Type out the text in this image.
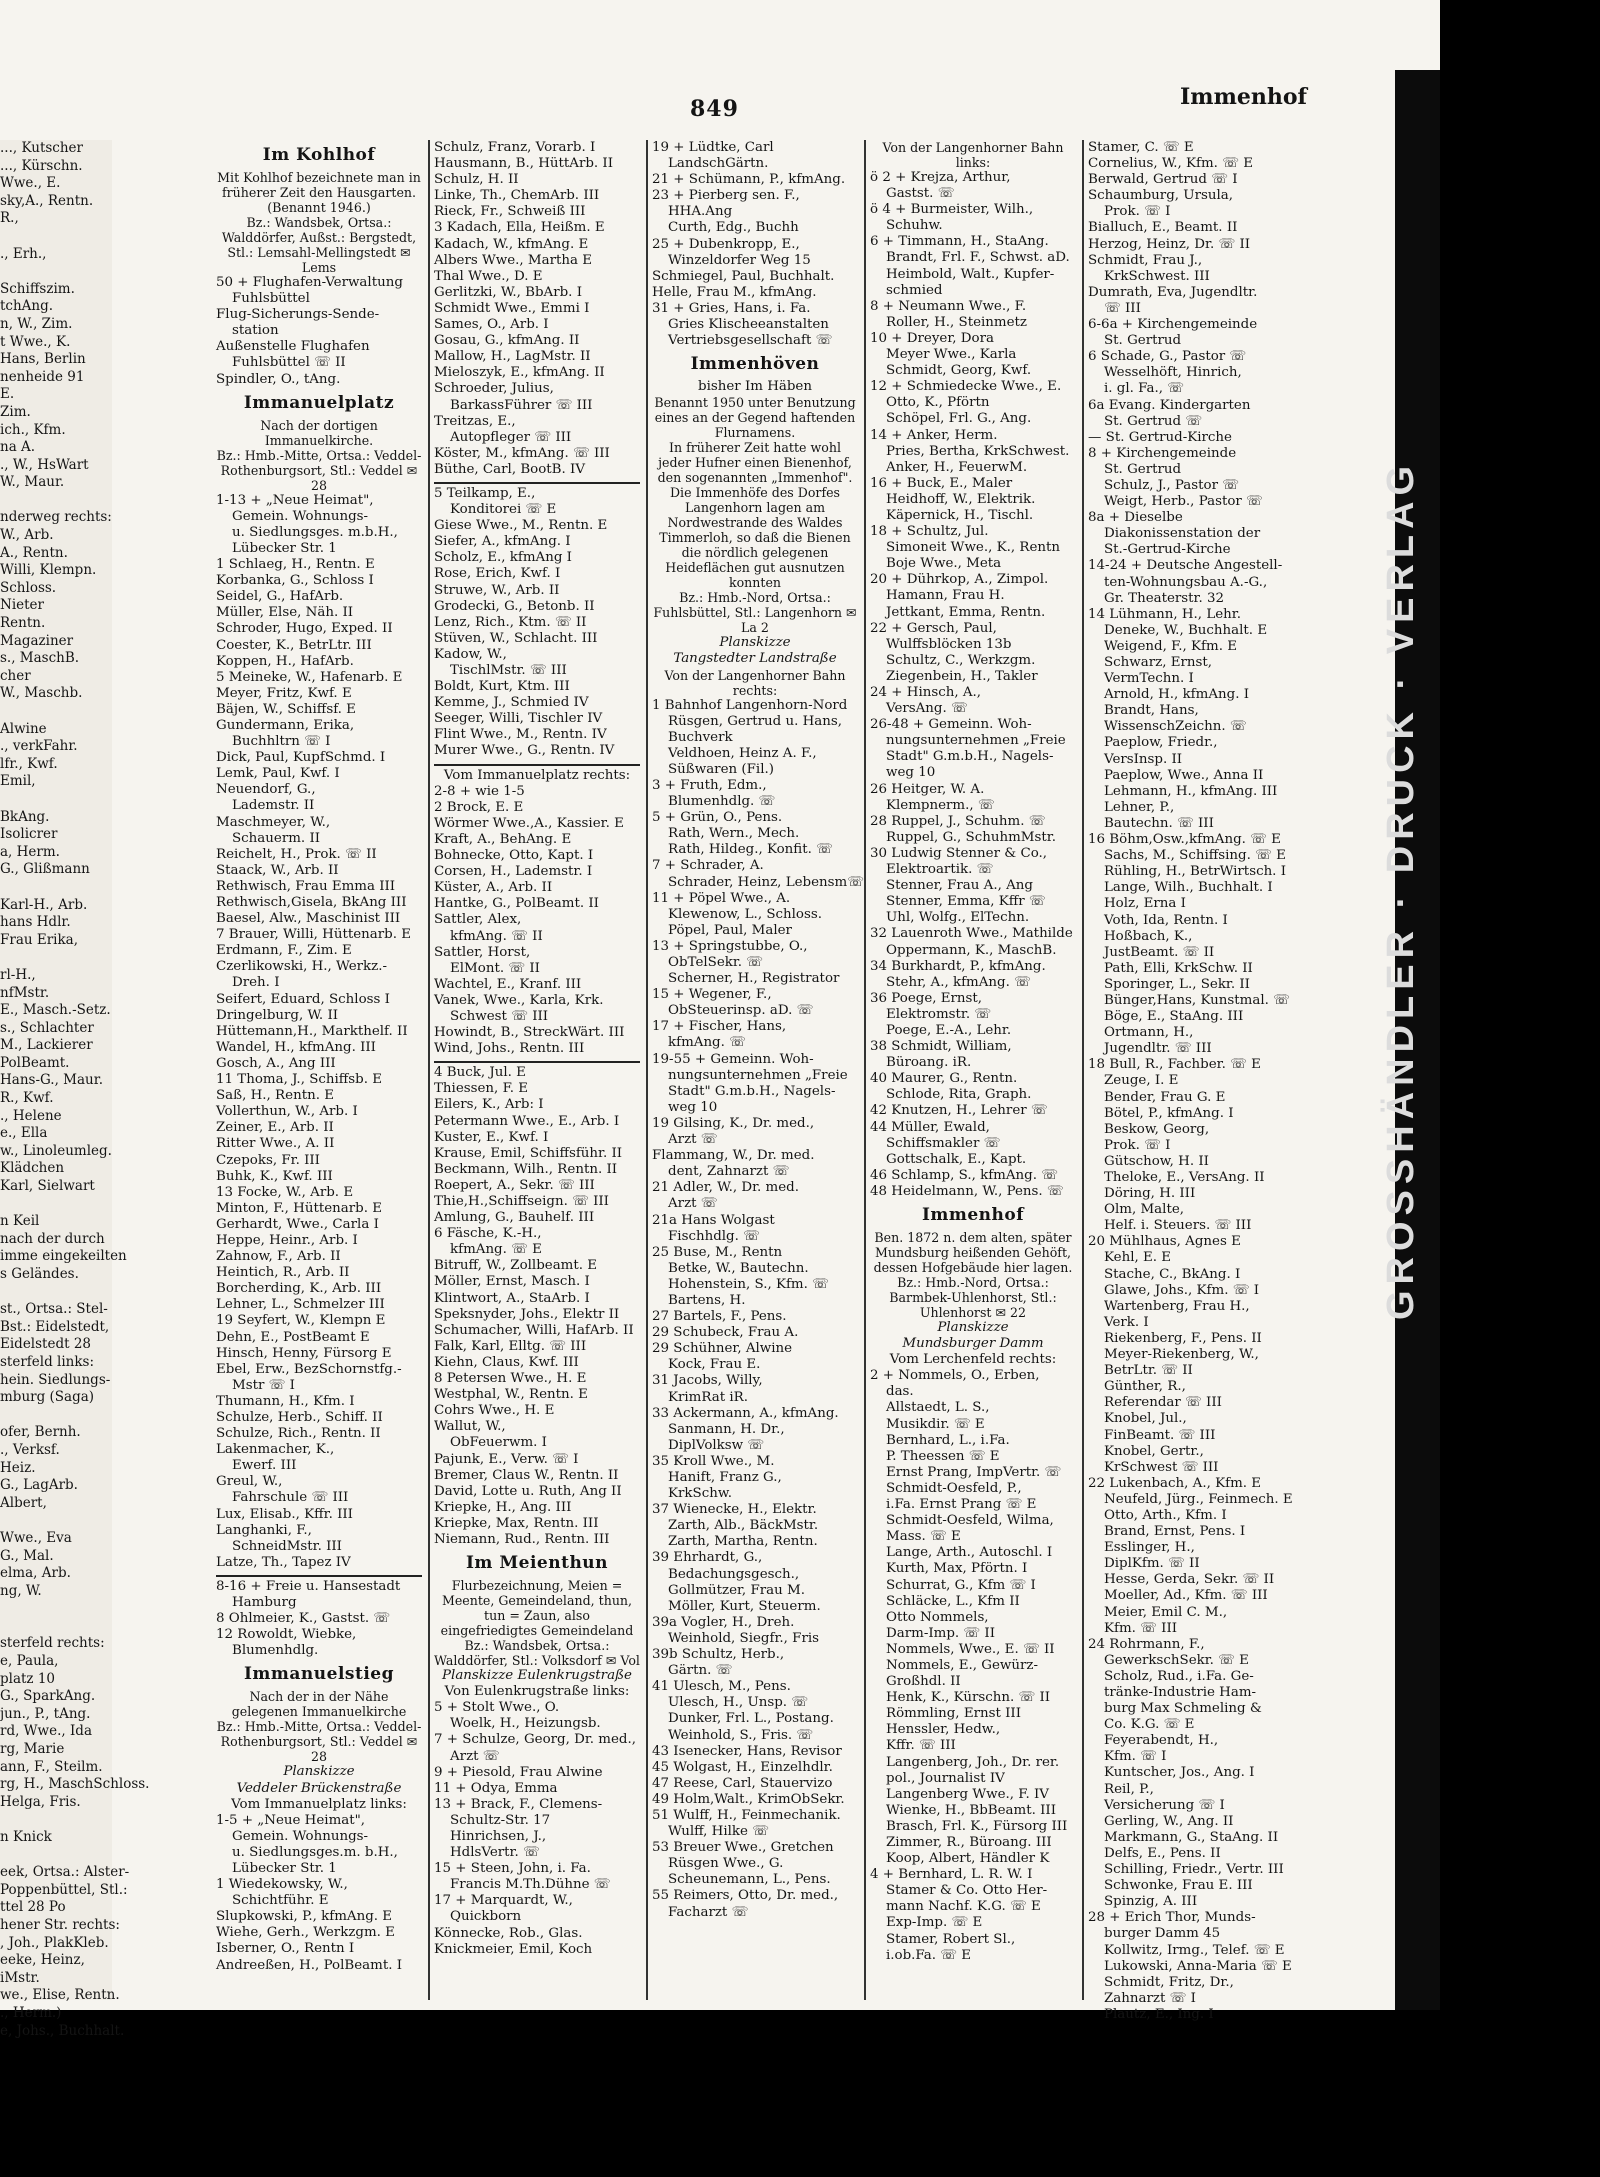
..., Kutscher
..., Kürschn.
Wwe., E.
sky,A., Rentn.
R.,
., Erh.,
Schiffszim.
tchAng.
n, W., Zim.
t Wwe., K.
Hans, Berlin
nenheide 91
E.
Zim.
ich., Kfm.
na A.
., W., HsWart
W., Maur.
nderweg rechts:
W., Arb.
A., Rentn.
Willi, Klempn.
Schloss.
Nieter
Rentn.
Magaziner
s., MaschB.
cher
W., Maschb.
Alwine
., verkFahr.
lfr., Kwf.
Emil,
BkAng.
Isolicrer
a, Herm.
G., Glißmann
Karl-H., Arb.
hans Hdlr.
Frau Erika,
rl-H.,
nfMstr.
E., Masch.-Setz.
s., Schlachter
M., Lackierer
PolBeamt.
Hans-G., Maur.
R., Kwf.
., Helene
e., Ella
w., Linoleumleg.
Klädchen
Karl, Sielwart
n Keil
nach der durch
imme eingekeilten
s Geländes.
st., Ortsa.: Stel-
Bst.: Eidelstedt,
Eidelstedt 28
sterfeld links:
hein. Siedlungs-
mburg (Saga)
ofer, Bernh.
., Verksf.
Heiz.
G., LagArb.
Albert,
Wwe., Eva
G., Mal.
elma, Arb.
ng, W.
sterfeld rechts:
e, Paula,
platz 10
G., SparkAng.
jun., P., tAng.
rd, Wwe., Ida
rg, Marie
ann, F., Steilm.
rg, H., MaschSchloss.
Helga, Fris.
n Knick
eek, Ortsa.: Alster-
Poppenbüttel, Stl.:
ttel 28 Po
hener Str. rechts:
, Joh., PlakKleb.
eeke, Heinz,
iMstr.
we., Elise, Rentn.
., Herm.)
e, Johs., Buchhalt.
849	Immenhof
Im Kohlhof
Mit Kohlhof bezeichnete man in früherer Zeit den Hausgarten. (Benannt 1946.)
Bz.: Wandsbek, Ortsa.: Walddörfer, Außst.: Bergstedt, Stl.: Lemsahl-Mellingstedt ✉ Lems
50 + Flughafen-Verwaltung
Fuhlsbüttel
Flug-Sicherungs-Sende-
station
Außenstelle Flughafen
Fuhlsbüttel ☏ II
Spindler, O., tAng.
Immanuelplatz
Nach der dortigen Immanuelkirche.
Bz.: Hmb.-Mitte, Ortsa.: Veddel-Rothenburgsort, Stl.: Veddel ✉ 28
1-13 + „Neue Heimat",
Gemein. Wohnungs-
u. Siedlungsges. m.b.H.,
Lübecker Str. 1
1 Schlaeg, H., Rentn. E
Korbanka, G., Schloss I
Seidel, G., HafArb.
Müller, Else, Näh. II
Schroder, Hugo, Exped. II
Coester, K., BetrLtr. III
Koppen, H., HafArb.
5 Meineke, W., Hafenarb. E
Meyer, Fritz, Kwf. E
Bäjen, W., Schiffsf. E
Gundermann, Erika,
Buchhltrn ☏ I
Dick, Paul, KupfSchmd. I
Lemk, Paul, Kwf. I
Neuendorf, G.,
Lademstr. II
Maschmeyer, W.,
Schauerm. II
Reichelt, H., Prok. ☏ II
Staack, W., Arb. II
Rethwisch, Frau Emma III
Rethwisch,Gisela, BkAng III
Baesel, Alw., Maschinist III
7 Brauer, Willi, Hüttenarb. E
Erdmann, F., Zim. E
Czerlikowski, H., Werkz.-
Dreh. I
Seifert, Eduard, Schloss I
Dringelburg, W. II
Hüttemann,H., Markthelf. II
Wandel, H., kfmAng. III
Gosch, A., Ang III
11 Thoma, J., Schiffsb. E
Saß, H., Rentn. E
Vollerthun, W., Arb. I
Zeiner, E., Arb. II
Ritter Wwe., A. II
Czepoks, Fr. III
Buhk, K., Kwf. III
13 Focke, W., Arb. E
Minton, F., Hüttenarb. E
Gerhardt, Wwe., Carla I
Heppe, Heinr., Arb. I
Zahnow, F., Arb. II
Heintich, R., Arb. II
Borcherding, K., Arb. III
Lehner, L., Schmelzer III
19 Seyfert, W., Klempn E
Dehn, E., PostBeamt E
Hinsch, Henny, Fürsorg E
Ebel, Erw., BezSchornstfg.-
Mstr ☏ I
Thumann, H., Kfm. I
Schulze, Herb., Schiff. II
Schulze, Rich., Rentn. II
Lakenmacher, K.,
Ewerf. III
Greul, W.,
Fahrschule ☏ III
Lux, Elisab., Kffr. III
Langhanki, F.,
SchneidMstr. III
Latze, Th., Tapez IV
8-16 + Freie u. Hansestadt
Hamburg
8 Ohlmeier, K., Gastst. ☏
12 Rowoldt, Wiebke,
Blumenhdlg.
Immanuelstieg
Nach der in der Nähe gelegenen Immanuelkirche
Bz.: Hmb.-Mitte, Ortsa.: Veddel-Rothenburgsort, Stl.: Veddel ✉ 28
Planskizze
Veddeler Brückenstraße
Vom Immanuelplatz links:
1-5 + „Neue Heimat",
Gemein. Wohnungs-
u. Siedlungsges.m. b.H.,
Lübecker Str. 1
1 Wiedekowsky, W.,
Schichtführ. E
Slupkowski, P., kfmAng. E
Wiehe, Gerh., Werkzgm. E
Isberner, O., Rentn I
Andreeßen, H., PolBeamt. I
Schulz, Franz, Vorarb. I
Hausmann, B., HüttArb. II
Schulz, H. II
Linke, Th., ChemArb. III
Rieck, Fr., Schweiß III
3 Kadach, Ella, Heißm. E
Kadach, W., kfmAng. E
Albers Wwe., Martha E
Thal Wwe., D. E
Gerlitzki, W., BbArb. I
Schmidt Wwe., Emmi I
Sames, O., Arb. I
Gosau, G., kfmAng. II
Mallow, H., LagMstr. II
Mieloszyk, E., kfmAng. II
Schroeder, Julius,
BarkassFührer ☏ III
Treitzas, E.,
Autopfleger ☏ III
Köster, M., kfmAng. ☏ III
Büthe, Carl, BootB. IV
5 Teilkamp, E.,
Konditorei ☏ E
Giese Wwe., M., Rentn. E
Siefer, A., kfmAng. I
Scholz, E., kfmAng I
Rose, Erich, Kwf. I
Struwe, W., Arb. II
Grodecki, G., Betonb. II
Lenz, Rich., Ktm. ☏ II
Stüven, W., Schlacht. III
Kadow, W.,
TischlMstr. ☏ III
Boldt, Kurt, Ktm. III
Kemme, J., Schmied IV
Seeger, Willi, Tischler IV
Flint Wwe., M., Rentn. IV
Murer Wwe., G., Rentn. IV
Vom Immanuelplatz rechts:
2-8 + wie 1-5
2 Brock, E. E
Wörmer Wwe.,A., Kassier. E
Kraft, A., BehAng. E
Bohnecke, Otto, Kapt. I
Corsen, H., Lademstr. I
Küster, A., Arb. II
Hantke, G., PolBeamt. II
Sattler, Alex,
kfmAng. ☏ II
Sattler, Horst,
ElMont. ☏ II
Wachtel, E., Kranf. III
Vanek, Wwe., Karla, Krk.
Schwest ☏ III
Howindt, B., StreckWärt. III
Wind, Johs., Rentn. III
4 Buck, Jul. E
Thiessen, F. E
Eilers, K., Arb: I
Petermann Wwe., E., Arb. I
Kuster, E., Kwf. I
Krause, Emil, Schiffsführ. II
Beckmann, Wilh., Rentn. II
Roepert, A., Sekr. ☏ III
Thie,H.,Schiffseign. ☏ III
Amlung, G., Bauhelf. III
6 Fäsche, K.-H.,
kfmAng. ☏ E
Bitruff, W., Zollbeamt. E
Möller, Ernst, Masch. I
Klintwort, A., StaArb. I
Speksnyder, Johs., Elektr II
Schumacher, Willi, HafArb. II
Falk, Karl, Elltg. ☏ III
Kiehn, Claus, Kwf. III
8 Petersen Wwe., H. E
Westphal, W., Rentn. E
Cohrs Wwe., H. E
Wallut, W.,
ObFeuerwm. I
Pajunk, E., Verw. ☏ I
Bremer, Claus W., Rentn. II
David, Lotte u. Ruth, Ang II
Kriepke, H., Ang. III
Kriepke, Max, Rentn. III
Niemann, Rud., Rentn. III
Im Meienthun
Flurbezeichnung, Meien = Meente, Gemeindeland, thun, tun = Zaun, also eingefriedigtes Gemeindeland
Bz.: Wandsbek, Ortsa.: Walddörfer, Stl.: Volksdorf ✉ Vol
Planskizze Eulenkrugstraße
Von Eulenkrugstraße links:
5 + Stolt Wwe., O.
Woelk, H., Heizungsb.
7 + Schulze, Georg, Dr. med.,
Arzt ☏
9 + Piesold, Frau Alwine
11 + Odya, Emma
13 + Brack, F., Clemens-
Schultz-Str. 17
Hinrichsen, J.,
HdlsVertr. ☏
15 + Steen, John, i. Fa.
Francis M.Th.Dühne ☏
17 + Marquardt, W.,
Quickborn
Könnecke, Rob., Glas.
Knickmeier, Emil, Koch
19 + Lüdtke, Carl
LandschGärtn.
21 + Schümann, P., kfmAng.
23 + Pierberg sen. F.,
HHA.Ang
Curth, Edg., Buchh
25 + Dubenkropp, E.,
Winzeldorfer Weg 15
Schmiegel, Paul, Buchhalt.
Helle, Frau M., kfmAng.
31 + Gries, Hans, i. Fa.
Gries Klischeeanstalten
Vertriebsgesellschaft ☏
Immenhöven
bisher Im Häben
Benannt 1950 unter Benutzung eines an der Gegend haftenden Flurnamens.
In früherer Zeit hatte wohl jeder Hufner einen Bienenhof, den sogenannten „Immenhof". Die Immenhöfe des Dorfes Langenhorn lagen am Nordwestrande des Waldes Timmerloh, so daß die Bienen die nördlich gelegenen Heideflächen gut ausnutzen konnten
Bz.: Hmb.-Nord, Ortsa.: Fuhlsbüttel, Stl.: Langenhorn ✉ La 2
Planskizze
Tangstedter Landstraße
Von der Langenhorner Bahn rechts:
1 Bahnhof Langenhorn-Nord
Rüsgen, Gertrud u. Hans,
Buchverk
Veldhoen, Heinz A. F.,
Süßwaren (Fil.)
3 + Fruth, Edm.,
Blumenhdlg. ☏
5 + Grün, O., Pens.
Rath, Wern., Mech.
Rath, Hildeg., Konfit. ☏
7 + Schrader, A.
Schrader, Heinz, Lebensm☏
11 + Pöpel Wwe., A.
Klewenow, L., Schloss.
Pöpel, Paul, Maler
13 + Springstubbe, O.,
ObTelSekr. ☏
Scherner, H., Registrator
15 + Wegener, F.,
ObSteuerinsp. aD. ☏
17 + Fischer, Hans,
kfmAng. ☏
19-55 + Gemeinn. Woh-
nungsunternehmen „Freie
Stadt" G.m.b.H., Nagels-
weg 10
19 Gilsing, K., Dr. med.,
Arzt ☏
Flammang, W., Dr. med.
dent, Zahnarzt ☏
21 Adler, W., Dr. med.
Arzt ☏
21a Hans Wolgast
Fischhdlg. ☏
25 Buse, M., Rentn
Betke, W., Bautechn.
Hohenstein, S., Kfm. ☏
Bartens, H.
27 Bartels, F., Pens.
29 Schubeck, Frau A.
29 Schühner, Alwine
Kock, Frau E.
31 Jacobs, Willy,
KrimRat iR.
33 Ackermann, A., kfmAng.
Sanmann, H. Dr.,
DiplVolksw ☏
35 Kroll Wwe., M.
Hanift, Franz G.,
KrkSchw.
37 Wienecke, H., Elektr.
Zarth, Alb., BäckMstr.
Zarth, Martha, Rentn.
39 Ehrhardt, G.,
Bedachungsgesch.,
Gollmützer, Frau M.
Möller, Kurt, Steuerm.
39a Vogler, H., Dreh.
Weinhold, Siegfr., Fris
39b Schultz, Herb.,
Gärtn. ☏
41 Ulesch, M., Pens.
Ulesch, H., Unsp. ☏
Dunker, Frl. L., Postang.
Weinhold, S., Fris. ☏
43 Isenecker, Hans, Revisor
45 Wolgast, H., Einzelhdlr.
47 Reese, Carl, Stauervizo
49 Holm,Walt., KrimObSekr.
51 Wulff, H., Feinmechanik.
Wulff, Hilke ☏
53 Breuer Wwe., Gretchen
Rüsgen Wwe., G.
Scheunemann, L., Pens.
55 Reimers, Otto, Dr. med.,
Facharzt ☏
Von der Langenhorner Bahn links:
ö 2 + Krejza, Arthur,
Gastst. ☏
ö 4 + Burmeister, Wilh.,
Schuhw.
6 + Timmann, H., StaAng.
Brandt, Frl. F., Schwst. aD.
Heimbold, Walt., Kupfer-
schmied
8 + Neumann Wwe., F.
Roller, H., Steinmetz
10 + Dreyer, Dora
Meyer Wwe., Karla
Schmidt, Georg, Kwf.
12 + Schmiedecke Wwe., E.
Otto, K., Pförtn
Schöpel, Frl. G., Ang.
14 + Anker, Herm.
Pries, Bertha, KrkSchwest.
Anker, H., FeuerwM.
16 + Buck, E., Maler
Heidhoff, W., Elektrik.
Käpernick, H., Tischl.
18 + Schultz, Jul.
Simoneit Wwe., K., Rentn
Boje Wwe., Meta
20 + Dührkop, A., Zimpol.
Hamann, Frau H.
Jettkant, Emma, Rentn.
22 + Gersch, Paul,
Wulffsblöcken 13b
Schultz, C., Werkzgm.
Ziegenbein, H., Takler
24 + Hinsch, A.,
VersAng. ☏
26-48 + Gemeinn. Woh-
nungsunternehmen „Freie
Stadt" G.m.b.H., Nagels-
weg 10
26 Heitger, W. A.
Klempnerm., ☏
28 Ruppel, J., Schuhm. ☏
Ruppel, G., SchuhmMstr.
30 Ludwig Stenner & Co.,
Elektroartik. ☏
Stenner, Frau A., Ang
Stenner, Emma, Kffr ☏
Uhl, Wolfg., ElTechn.
32 Lauenroth Wwe., Mathilde
Oppermann, K., MaschB.
34 Burkhardt, P., kfmAng.
Stehr, A., kfmAng. ☏
36 Poege, Ernst,
Elektromstr. ☏
Poege, E.-A., Lehr.
38 Schmidt, William,
Büroang. iR.
40 Maurer, G., Rentn.
Schlode, Rita, Graph.
42 Knutzen, H., Lehrer ☏
44 Müller, Ewald,
Schiffsmakler ☏
Gottschalk, E., Kapt.
46 Schlamp, S., kfmAng. ☏
48 Heidelmann, W., Pens. ☏
Immenhof
Ben. 1872 n. dem alten, später Mundsburg heißenden Gehöft, dessen Hofgebäude hier lagen.
Bz.: Hmb.-Nord, Ortsa.: Barmbek-Uhlenhorst, Stl.: Uhlenhorst ✉ 22
Planskizze
Mundsburger Damm
Vom Lerchenfeld rechts:
2 + Nommels, O., Erben,
das.
Allstaedt, L. S.,
Musikdir. ☏ E
Bernhard, L., i.Fa.
P. Theessen ☏ E
Ernst Prang, ImpVertr. ☏
Schmidt-Oesfeld, P.,
i.Fa. Ernst Prang ☏ E
Schmidt-Oesfeld, Wilma,
Mass. ☏ E
Lange, Arth., Autoschl. I
Kurth, Max, Pförtn. I
Schurrat, G., Kfm ☏ I
Schläcke, L., Kfm II
Otto Nommels,
Darm-Imp. ☏ II
Nommels, Wwe., E. ☏ II
Nommels, E., Gewürz-
Großhdl. II
Henk, K., Kürschn. ☏ II
Römmling, Ernst III
Henssler, Hedw.,
Kffr. ☏ III
Langenberg, Joh., Dr. rer.
pol., Journalist IV
Langenberg Wwe., F. IV
Wienke, H., BbBeamt. III
Brasch, Frl. K., Fürsorg III
Zimmer, R., Büroang. III
Koop, Albert, Händler K
4 + Bernhard, L. R. W. I
Stamer & Co. Otto Her-
mann Nachf. K.G. ☏ E
Exp-Imp. ☏ E
Stamer, Robert Sl.,
i.ob.Fa. ☏ E
Stamer, C. ☏ E
Cornelius, W., Kfm. ☏ E
Berwald, Gertrud ☏ I
Schaumburg, Ursula,
Prok. ☏ I
Bialluch, E., Beamt. II
Herzog, Heinz, Dr. ☏ II
Schmidt, Frau J.,
KrkSchwest. III
Dumrath, Eva, Jugendltr.
☏ III
6-6a + Kirchengemeinde
St. Gertrud
6 Schade, G., Pastor ☏
Wesselhöft, Hinrich,
i. gl. Fa., ☏
6a Evang. Kindergarten
St. Gertrud ☏
— St. Gertrud-Kirche
8 + Kirchengemeinde
St. Gertrud
Schulz, J., Pastor ☏
Weigt, Herb., Pastor ☏
8a + Dieselbe
Diakonissenstation der
St.-Gertrud-Kirche
14-24 + Deutsche Angestell-
ten-Wohnungsbau A.-G.,
Gr. Theaterstr. 32
14 Lühmann, H., Lehr.
Deneke, W., Buchhalt. E
Weigend, F., Kfm. E
Schwarz, Ernst,
VermTechn. I
Arnold, H., kfmAng. I
Brandt, Hans,
WissenschZeichn. ☏
Paeplow, Friedr.,
VersInsp. II
Paeplow, Wwe., Anna II
Lehmann, H., kfmAng. III
Lehner, P.,
Bautechn. ☏ III
16 Böhm,Osw.,kfmAng. ☏ E
Sachs, M., Schiffsing. ☏ E
Rühling, H., BetrWirtsch. I
Lange, Wilh., Buchhalt. I
Holz, Erna I
Voth, Ida, Rentn. I
Hoßbach, K.,
JustBeamt. ☏ II
Path, Elli, KrkSchw. II
Sporinger, L., Sekr. II
Bünger,Hans, Kunstmal. ☏
Böge, E., StaAng. III
Ortmann, H.,
Jugendltr. ☏ III
18 Bull, R., Fachber. ☏ E
Zeuge, I. E
Bender, Frau G. E
Bötel, P., kfmAng. I
Beskow, Georg,
Prok. ☏ I
Gütschow, H. II
Theloke, E., VersAng. II
Döring, H. III
Olm, Malte,
Helf. i. Steuers. ☏ III
20 Mühlhaus, Agnes E
Kehl, E. E
Stache, C., BkAng. I
Glawe, Johs., Kfm. ☏ I
Wartenberg, Frau H.,
Verk. I
Riekenberg, F., Pens. II
Meyer-Riekenberg, W.,
BetrLtr. ☏ II
Günther, R.,
Referendar ☏ III
Knobel, Jul.,
FinBeamt. ☏ III
Knobel, Gertr.,
KrSchwest ☏ III
22 Lukenbach, A., Kfm. E
Neufeld, Jürg., Feinmech. E
Otto, Arth., Kfm. I
Brand, Ernst, Pens. I
Esslinger, H.,
DiplKfm. ☏ II
Hesse, Gerda, Sekr. ☏ II
Moeller, Ad., Kfm. ☏ III
Meier, Emil C. M.,
Kfm. ☏ III
24 Rohrmann, F.,
GewerkschSekr. ☏ E
Scholz, Rud., i.Fa. Ge-
tränke-Industrie Ham-
burg Max Schmeling &
Co. K.G. ☏ E
Feyerabendt, H.,
Kfm. ☏ I
Kuntscher, Jos., Ang. I
Reil, P.,
Versicherung ☏ I
Gerling, W., Ang. II
Markmann, G., StaAng. II
Delfs, E., Pens. II
Schilling, Friedr., Vertr. III
Schwonke, Frau E. III
Spinzig, A. III
28 + Erich Thor, Munds-
burger Damm 45
Kollwitz, Irmg., Telef. ☏ E
Lukowski, Anna-Maria ☏ E
Schmidt, Fritz, Dr.,
Zahnarzt ☏ I
Plautz, E., Ing. I
GROSSHÄNDLER · DRUCK · VERLAG
